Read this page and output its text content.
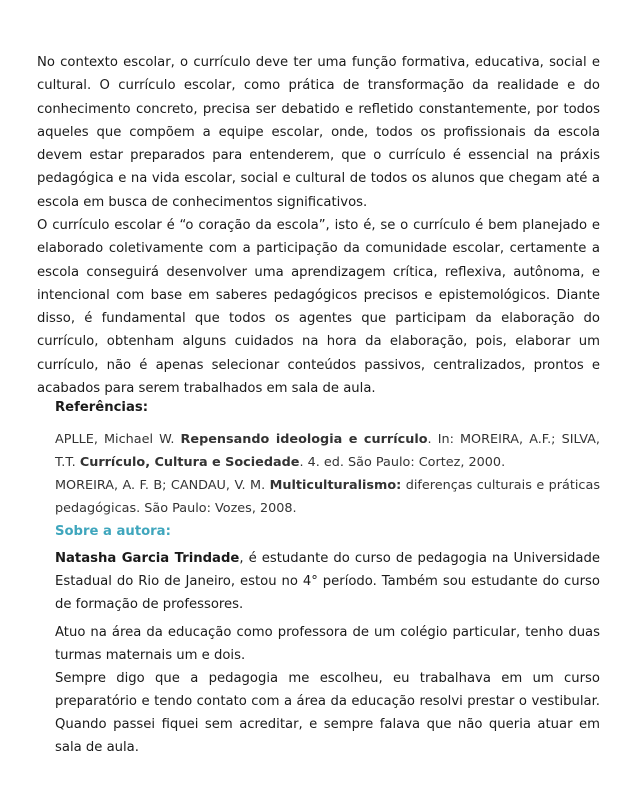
No contexto escolar, o currículo deve ter uma função formativa, educativa, social e cultural. O currículo escolar, como prática de transformação da realidade e do conhecimento concreto, precisa ser debatido e refletido constantemente, por todos aqueles que compõem a equipe escolar, onde, todos os profissionais da escola devem estar preparados para entenderem, que o currículo é essencial na práxis pedagógica e na vida escolar, social e cultural de todos os alunos que chegam até a escola em busca de conhecimentos significativos.

O currículo escolar é “o coração da escola”, isto é, se o currículo é bem planejado e elaborado coletivamente com a participação da comunidade escolar, certamente a escola conseguirá desenvolver uma aprendizagem crítica, reflexiva, autônoma, e intencional com base em saberes pedagógicos precisos e epistemológicos. Diante disso, é fundamental que todos os agentes que participam da elaboração do currículo, obtenham alguns cuidados na hora da elaboração, pois, elaborar um currículo, não é apenas selecionar conteúdos passivos, centralizados, prontos e acabados para serem trabalhados em sala de aula.

Referências:

APLLE, Michael W. Repensando ideologia e currículo. In: MOREIRA, A.F.; SILVA, T.T. Currículo, Cultura e Sociedade. 4. ed. São Paulo: Cortez, 2000.

MOREIRA, A. F. B; CANDAU, V. M. Multiculturalismo: diferenças culturais e práticas pedagógicas. São Paulo: Vozes, 2008.

Sobre a autora:

Natasha Garcia Trindade, é estudante do curso de pedagogia na Universidade Estadual do Rio de Janeiro, estou no 4° período. Também sou estudante do curso de formação de professores.

Atuo na área da educação como professora de um colégio particular, tenho duas turmas maternais um e dois.

Sempre digo que a pedagogia me escolheu, eu trabalhava em um curso preparatório e tendo contato com a área da educação resolvi prestar o vestibular. Quando passei fiquei sem acreditar, e sempre falava que não queria atuar em sala de aula.
